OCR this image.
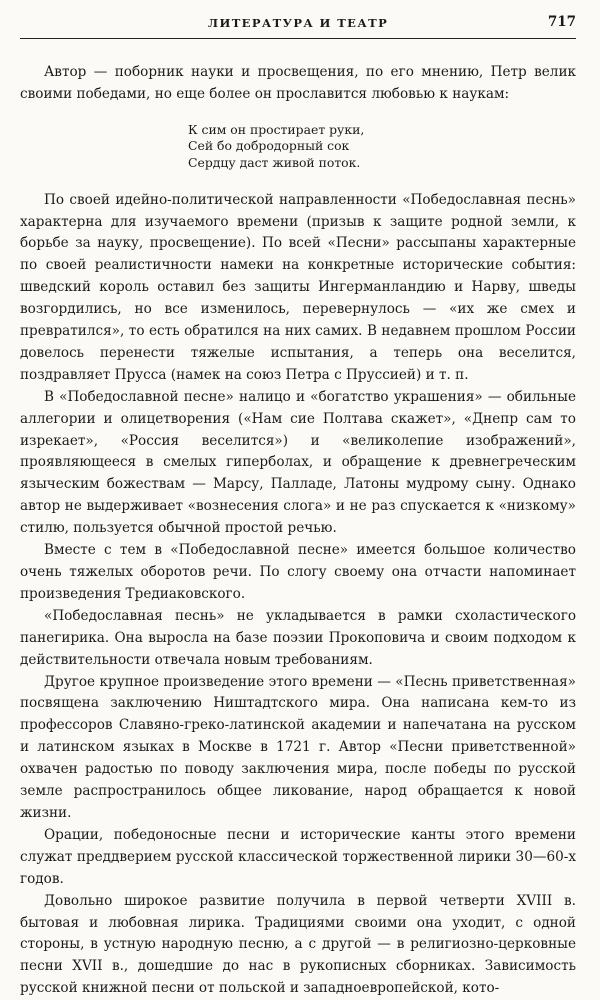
ЛИТЕРАТУРА И ТЕАТР	717

Автор — поборник науки и просвещения, по его мнению, Петр велик своими победами, но еще более он прославится любовью к наукам:

К сим он простирает руки,
Сей бо добродорный сок
Сердцу даст живой поток.

По своей идейно-политической направленности «Победославная песнь» характерна для изучаемого времени (призыв к защите родной земли, к борьбе за науку, просвещение). По всей «Песни» рассыпаны характерные по своей реалистичности намеки на конкретные исторические события: шведский король оставил без защиты Ингерманландию и Нарву, шведы возгордились, но все изменилось, перевернулось — «их же смех и превратился», то есть обратился на них самих. В недавнем прошлом России довелось перенести тяжелые испытания, а теперь она веселится, поздравляет Прусса (намек на союз Петра с Пруссией) и т. п.

В «Победославной песне» налицо и «богатство украшения» — обильные аллегории и олицетворения («Нам сие Полтава скажет», «Днепр сам то изрекает», «Россия веселится») и «великолепие изображений», проявляющееся в смелых гиперболах, и обращение к древнегреческим языческим божествам — Марсу, Палладе, Латоны мудрому сыну. Однако автор не выдерживает «вознесения слога» и не раз спускается к «низкому» стилю, пользуется обычной простой речью.

Вместе с тем в «Победославной песне» имеется большое количество очень тяжелых оборотов речи. По слогу своему она отчасти напоминает произведения Тредиаковского.

«Победославная песнь» не укладывается в рамки схоластического панегирика. Она выросла на базе поэзии Прокоповича и своим подходом к действительности отвечала новым требованиям.

Другое крупное произведение этого времени — «Песнь приветственная» посвящена заключению Ништадтского мира. Она написана кем-то из профессоров Славяно-греко-латинской академии и напечатана на русском и латинском языках в Москве в 1721 г. Автор «Песни приветственной» охвачен радостью по поводу заключения мира, после победы по русской земле распространилось общее ликование, народ обращается к новой жизни.

Орации, победоносные песни и исторические канты этого времени служат преддверием русской классической торжественной лирики 30—60-х годов.

Довольно широкое развитие получила в первой четверти XVIII в. бытовая и любовная лирика. Традициями своими она уходит, с одной стороны, в устную народную песню, а с другой — в религиозно-церковные песни XVII в., дошедшие до нас в рукописных сборниках. Зависимость русской книжной песни от польской и западноевропейской, кото-
